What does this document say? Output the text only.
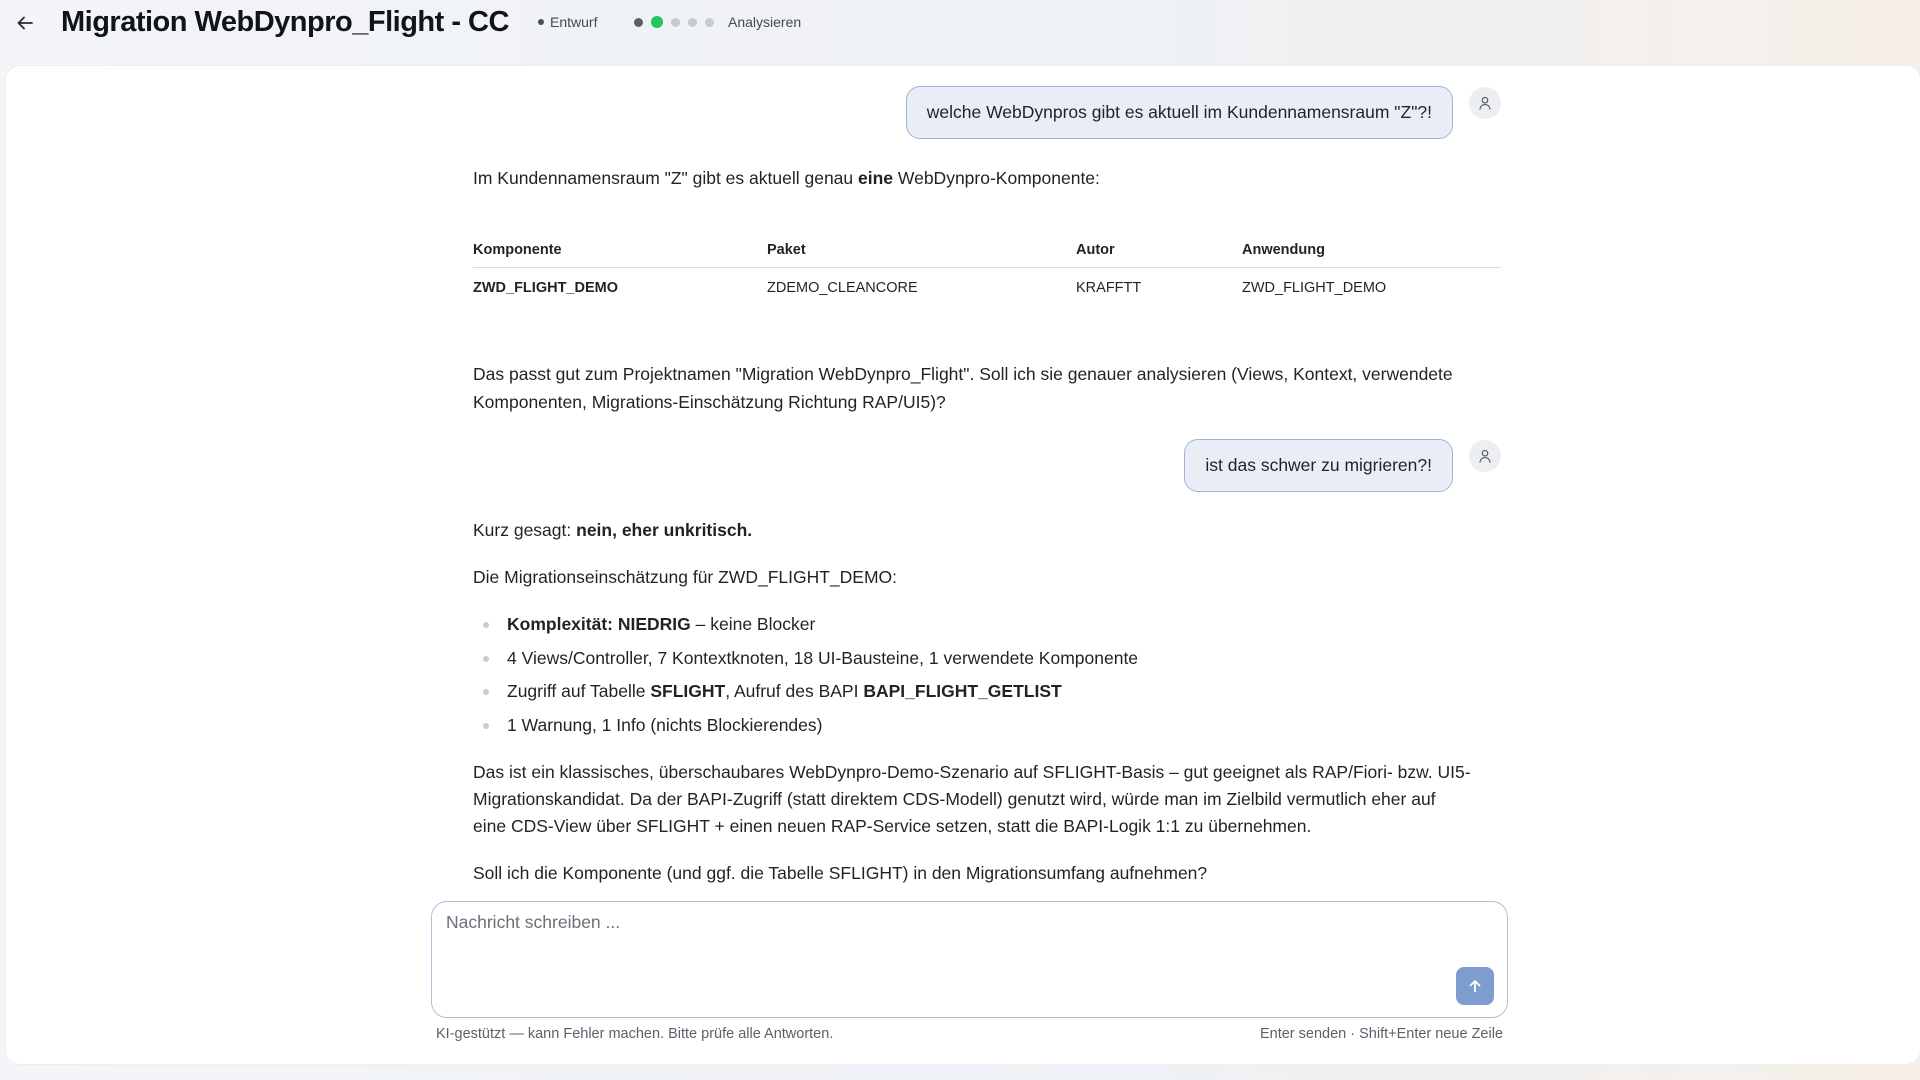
Migration WebDynpro_Flight - CC	Entwurf	Analysieren
welche WebDynpros gibt es aktuell im Kundennamensraum "Z"?!
Im Kundennamensraum "Z" gibt es aktuell genau eine WebDynpro-Komponente:
Komponente	Paket	Autor	Anwendung
ZWD_FLIGHT_DEMO	ZDEMO_CLEANCORE	KRAFFTT	ZWD_FLIGHT_DEMO
Das passt gut zum Projektnamen "Migration WebDynpro_Flight". Soll ich sie genauer analysieren (Views, Kontext, verwendete
Komponenten, Migrations-Einschätzung Richtung RAP/UI5)?
ist das schwer zu migrieren?!
Kurz gesagt: nein, eher unkritisch.
Die Migrationseinschätzung für ZWD_FLIGHT_DEMO:
Komplexität: NIEDRIG – keine Blocker
4 Views/Controller, 7 Kontextknoten, 18 UI-Bausteine, 1 verwendete Komponente
Zugriff auf Tabelle SFLIGHT, Aufruf des BAPI BAPI_FLIGHT_GETLIST
1 Warnung, 1 Info (nichts Blockierendes)
Das ist ein klassisches, überschaubares WebDynpro-Demo-Szenario auf SFLIGHT-Basis – gut geeignet als RAP/Fiori- bzw. UI5-
Migrationskandidat. Da der BAPI-Zugriff (statt direktem CDS-Modell) genutzt wird, würde man im Zielbild vermutlich eher auf
eine CDS-View über SFLIGHT + einen neuen RAP-Service setzen, statt die BAPI-Logik 1:1 zu übernehmen.
Soll ich die Komponente (und ggf. die Tabelle SFLIGHT) in den Migrationsumfang aufnehmen?
Nachricht schreiben ...
KI-gestützt — kann Fehler machen. Bitte prüfe alle Antworten.	Enter senden · Shift+Enter neue Zeile
